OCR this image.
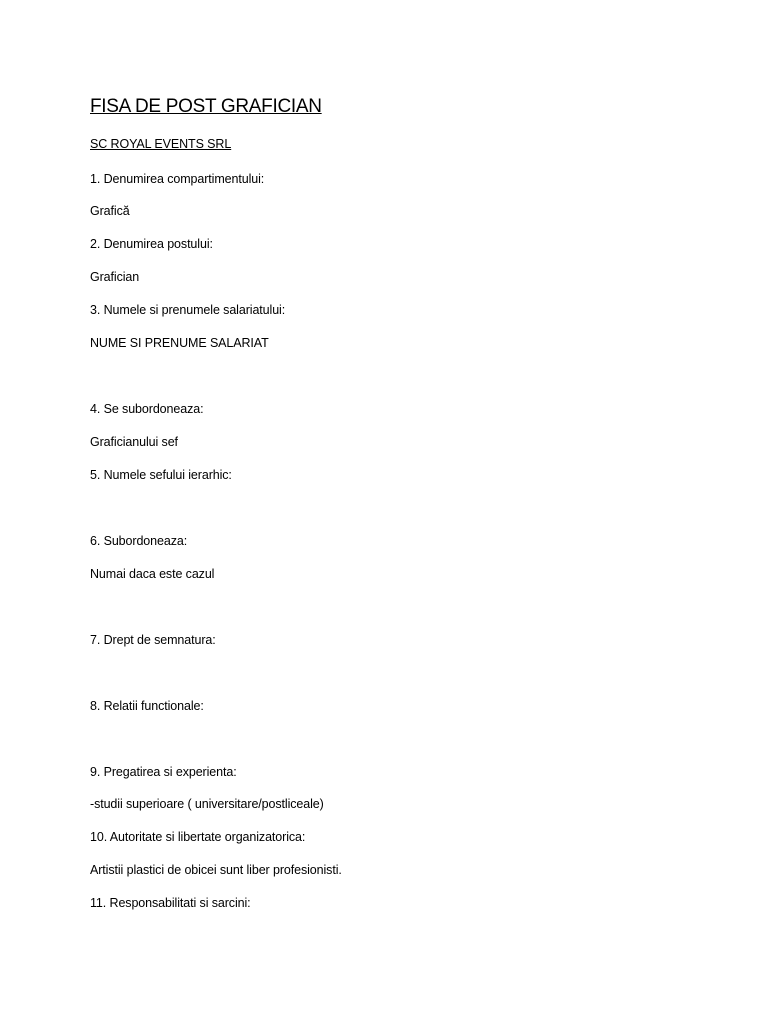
FISA DE POST GRAFICIAN
SC ROYAL EVENTS SRL
1. Denumirea compartimentului:
Grafică
2. Denumirea postului:
Grafician
3. Numele si prenumele salariatului:
NUME SI PRENUME SALARIAT
4. Se subordoneaza:
Graficianului sef
5. Numele sefului ierarhic:
6. Subordoneaza:
Numai daca este cazul
7. Drept de semnatura:
8. Relatii functionale:
9. Pregatirea si experienta:
-studii superioare ( universitare/postliceale)
10. Autoritate si libertate organizatorica:
Artistii plastici de obicei sunt liber profesionisti.
11. Responsabilitati si sarcini:
